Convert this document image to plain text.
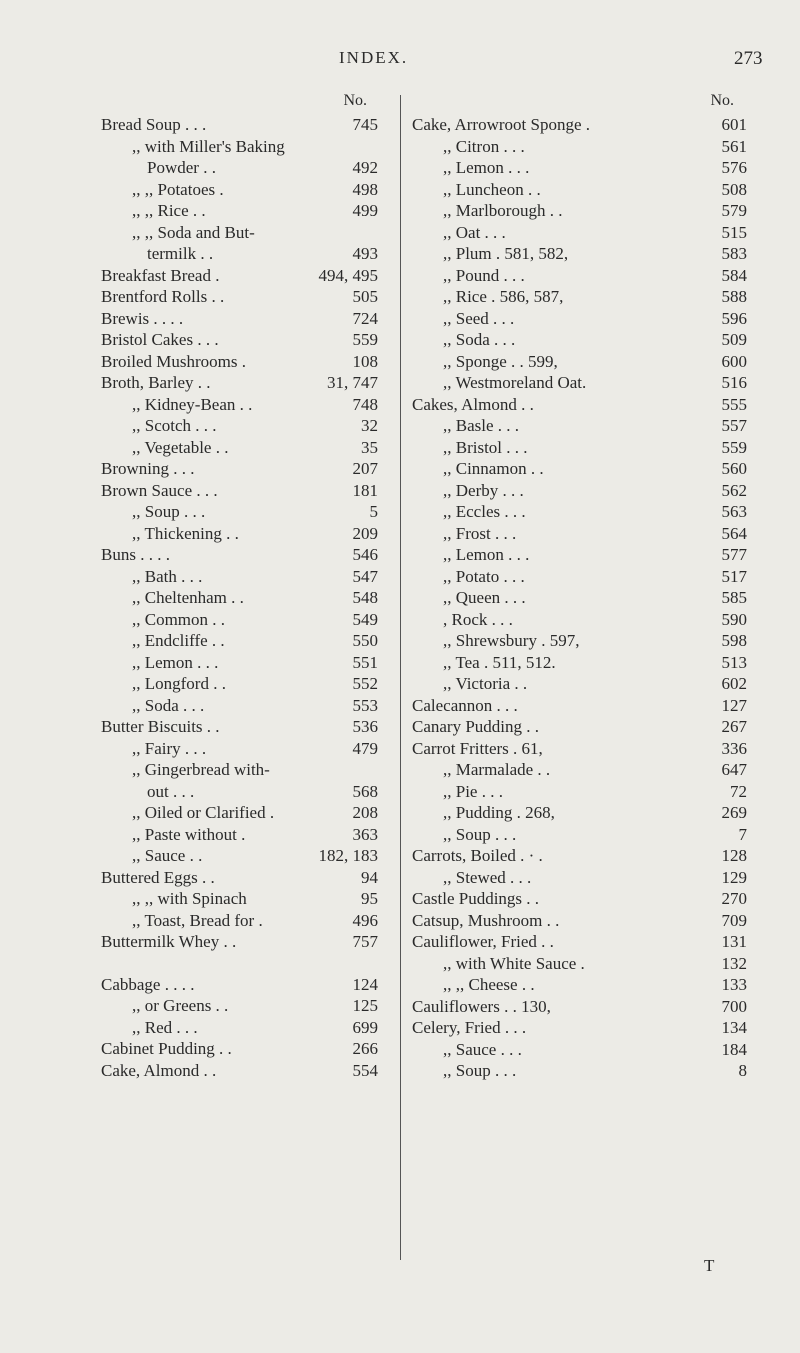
INDEX.	273
No.
Bread Soup . . .	745
,, with Miller's Baking
Powder . .	492
,, ,, Potatoes .	498
,, ,, Rice . .	499
,, ,, Soda and But-
termilk . .	493
Breakfast Bread .	494, 495
Brentford Rolls . .	505
Brewis . . . .	724
Bristol Cakes . . .	559
Broiled Mushrooms .	108
Broth, Barley . .	31, 747
,, Kidney-Bean . .	748
,, Scotch . . .	32
,, Vegetable . .	35
Browning . . .	207
Brown Sauce . . .	181
,, Soup . . .	5
,, Thickening . .	209
Buns . . . .	546
,, Bath . . .	547
,, Cheltenham . .	548
,, Common . .	549
,, Endcliffe . .	550
,, Lemon . . .	551
,, Longford . .	552
,, Soda . . .	553
Butter Biscuits . .	536
,, Fairy . . .	479
,, Gingerbread with-
out . . .	568
,, Oiled or Clarified .	208
,, Paste without .	363
,, Sauce . .	182, 183
Buttered Eggs . .	94
,, ,, with Spinach	95
,, Toast, Bread for .	496
Buttermilk Whey . .	757
Cabbage . . . .	124
,, or Greens . .	125
,, Red . . .	699
Cabinet Pudding . .	266
Cake, Almond . .	554
No.
Cake, Arrowroot Sponge .	601
,, Citron . . .	561
,, Lemon . . .	576
,, Luncheon . .	508
,, Marlborough . .	579
,, Oat . . .	515
,, Plum . 581, 582,	583
,, Pound . . .	584
,, Rice . 586, 587,	588
,, Seed . . .	596
,, Soda . . .	509
,, Sponge . . 599,	600
,, Westmoreland Oat.	516
Cakes, Almond . .	555
,, Basle . . .	557
,, Bristol . . .	559
,, Cinnamon . .	560
,, Derby . . .	562
,, Eccles . . .	563
,, Frost . . .	564
,, Lemon . . .	577
,, Potato . . .	517
,, Queen . . .	585
, Rock . . .	590
,, Shrewsbury . 597,	598
,, Tea . 511, 512.	513
,, Victoria . .	602
Calecannon . . .	127
Canary Pudding . .	267
Carrot Fritters . 61,	336
,, Marmalade . .	647
,, Pie . . .	72
,, Pudding . 268,	269
,, Soup . . .	7
Carrots, Boiled . · .	128
,, Stewed . . .	129
Castle Puddings . .	270
Catsup, Mushroom . .	709
Cauliflower, Fried . .	131
,, with White Sauce .	132
,, ,, Cheese . .	133
Cauliflowers . . 130,	700
Celery, Fried . . .	134
,, Sauce . . .	184
,, Soup . . .	8
T
